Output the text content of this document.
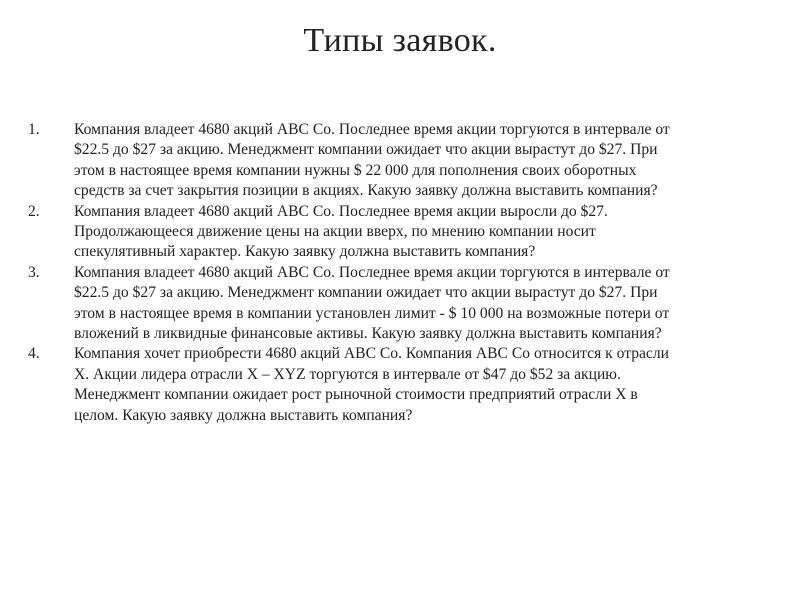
Типы заявок.
1.	Компания владеет 4680 акций ABC Co. Последнее время акции торгуются в интервале от
$22.5 до $27 за акцию. Менеджмент компании ожидает что акции вырастут до $27. При
этом в настоящее время компании нужны $ 22 000 для пополнения своих оборотных
средств за счет закрытия позиции в акциях. Какую заявку должна выставить компания?
2.	Компания владеет 4680 акций ABC Co. Последнее время акции выросли до $27.
Продолжающееся движение цены на акции вверх, по мнению компании носит
спекулятивный характер. Какую заявку должна выставить компания?
3.	Компания владеет 4680 акций ABC Co. Последнее время акции торгуются в интервале от
$22.5 до $27 за акцию. Менеджмент компании ожидает что акции вырастут до $27. При
этом в настоящее время в компании установлен лимит - $ 10 000 на возможные потери от
вложений в ликвидные финансовые активы. Какую заявку должна выставить компания?
4.	Компания хочет приобрести 4680 акций ABC Co. Компания ABC Co относится к отрасли
X. Акции лидера отрасли X – XYZ торгуются в интервале от $47 до $52 за акцию.
Менеджмент компании ожидает рост рыночной стоимости предприятий отрасли X в
целом. Какую заявку должна выставить компания?
